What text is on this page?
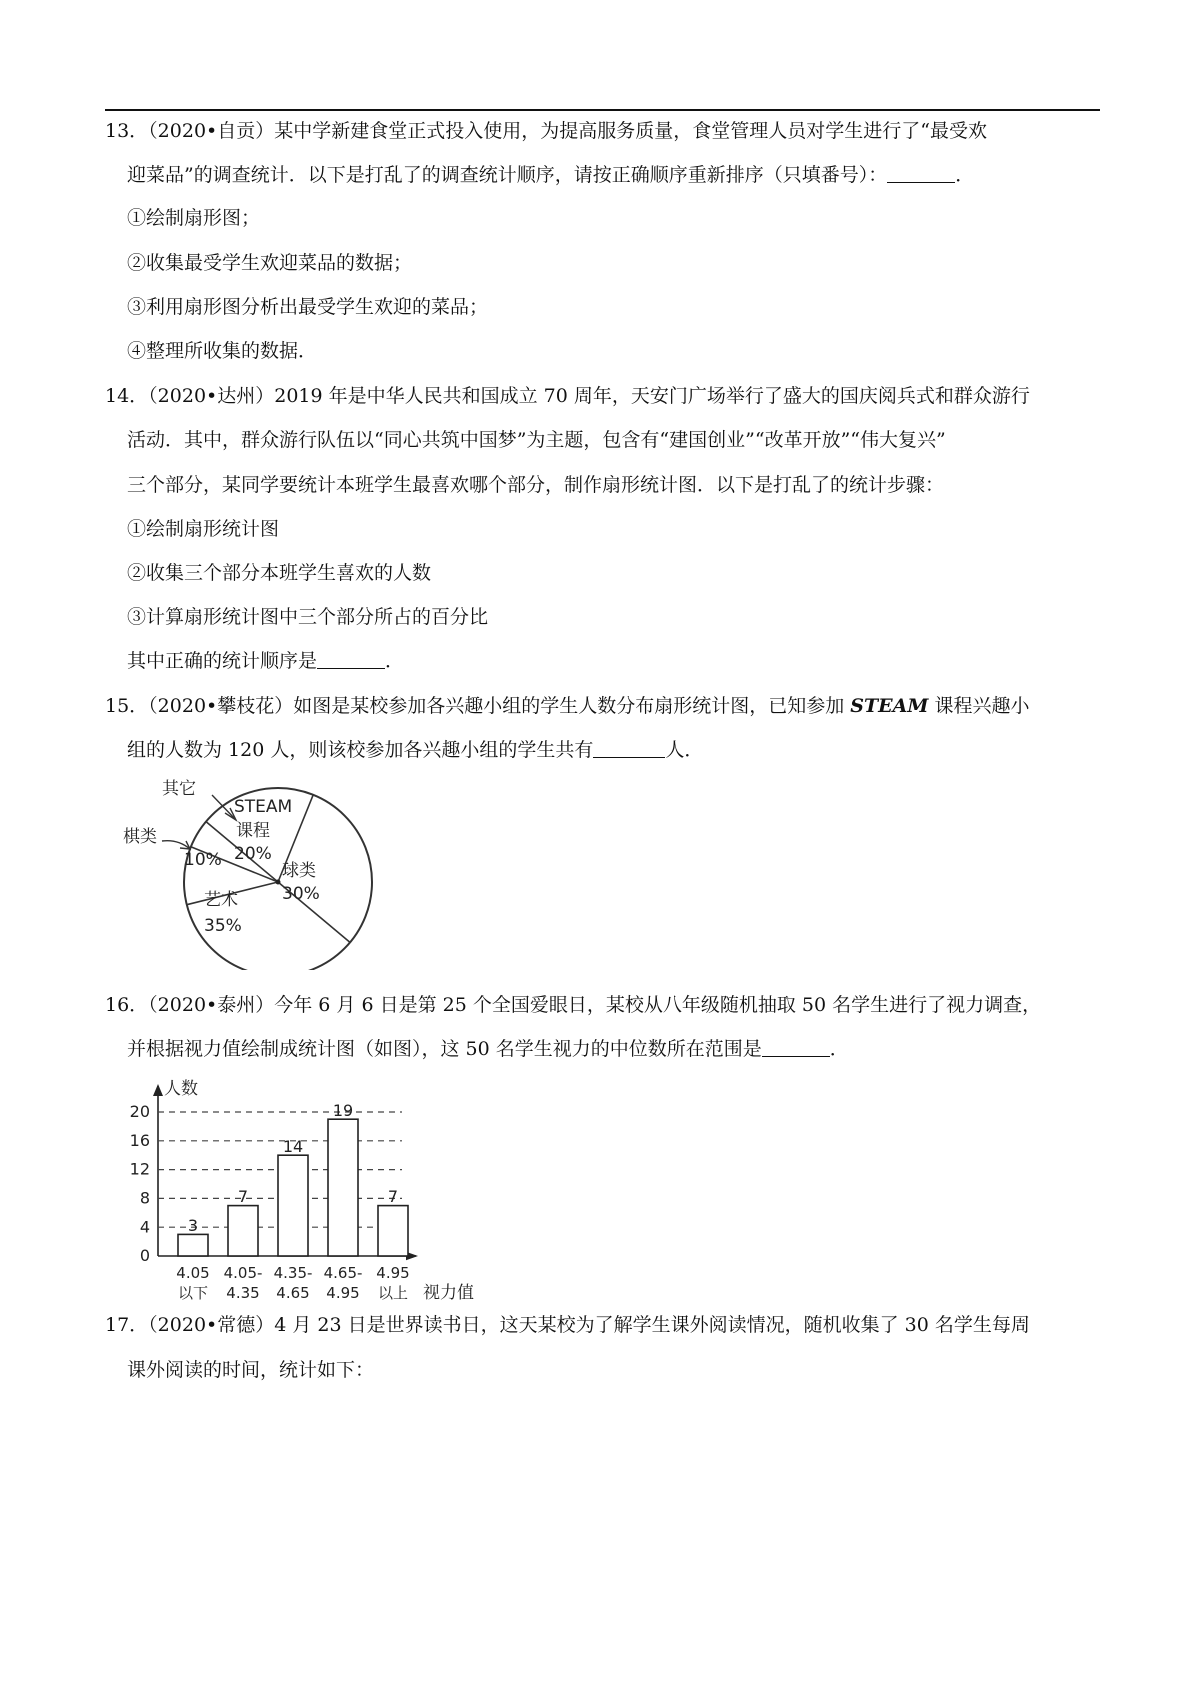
13．（2020•自贡）某中学新建食堂正式投入使用，为提高服务质量，食堂管理人员对学生进行了“最受欢
迎菜品”的调查统计．以下是打乱了的调查统计顺序，请按正确顺序重新排序（只填番号）：	．
①绘制扇形图；
②收集最受学生欢迎菜品的数据；
③利用扇形图分析出最受学生欢迎的菜品；
④整理所收集的数据．
14．（2020•达州）2019 年是中华人民共和国成立 70 周年，天安门广场举行了盛大的国庆阅兵式和群众游行
活动．其中，群众游行队伍以“同心共筑中国梦”为主题，包含有“建国创业”“改革开放”“伟大复兴”
三个部分，某同学要统计本班学生最喜欢哪个部分，制作扇形统计图．以下是打乱了的统计步骤：
①绘制扇形统计图
②收集三个部分本班学生喜欢的人数
③计算扇形统计图中三个部分所占的百分比
其中正确的统计顺序是	．
15．（2020•攀枝花）如图是某校参加各兴趣小组的学生人数分布扇形统计图，已知参加 STEAM 课程兴趣小
组的人数为 120 人，则该校参加各兴趣小组的学生共有	人．
其它
棋类
10%
STEAM
课程
20%
球类
30%
艺术
35%
16．（2020•泰州）今年 6 月 6 日是第 25 个全国爱眼日，某校从八年级随机抽取 50 名学生进行了视力调查，
并根据视力值绘制成统计图（如图），这 50 名学生视力的中位数所在范围是	．
人数
视力值
0
4
8
12
16
20
3
4.05
以下
7
4.05-
4.35
14
4.35-
4.65
19
4.65-
4.95
7
4.95
以上
17．（2020•常德）4 月 23 日是世界读书日，这天某校为了解学生课外阅读情况，随机收集了 30 名学生每周
课外阅读的时间，统计如下：
